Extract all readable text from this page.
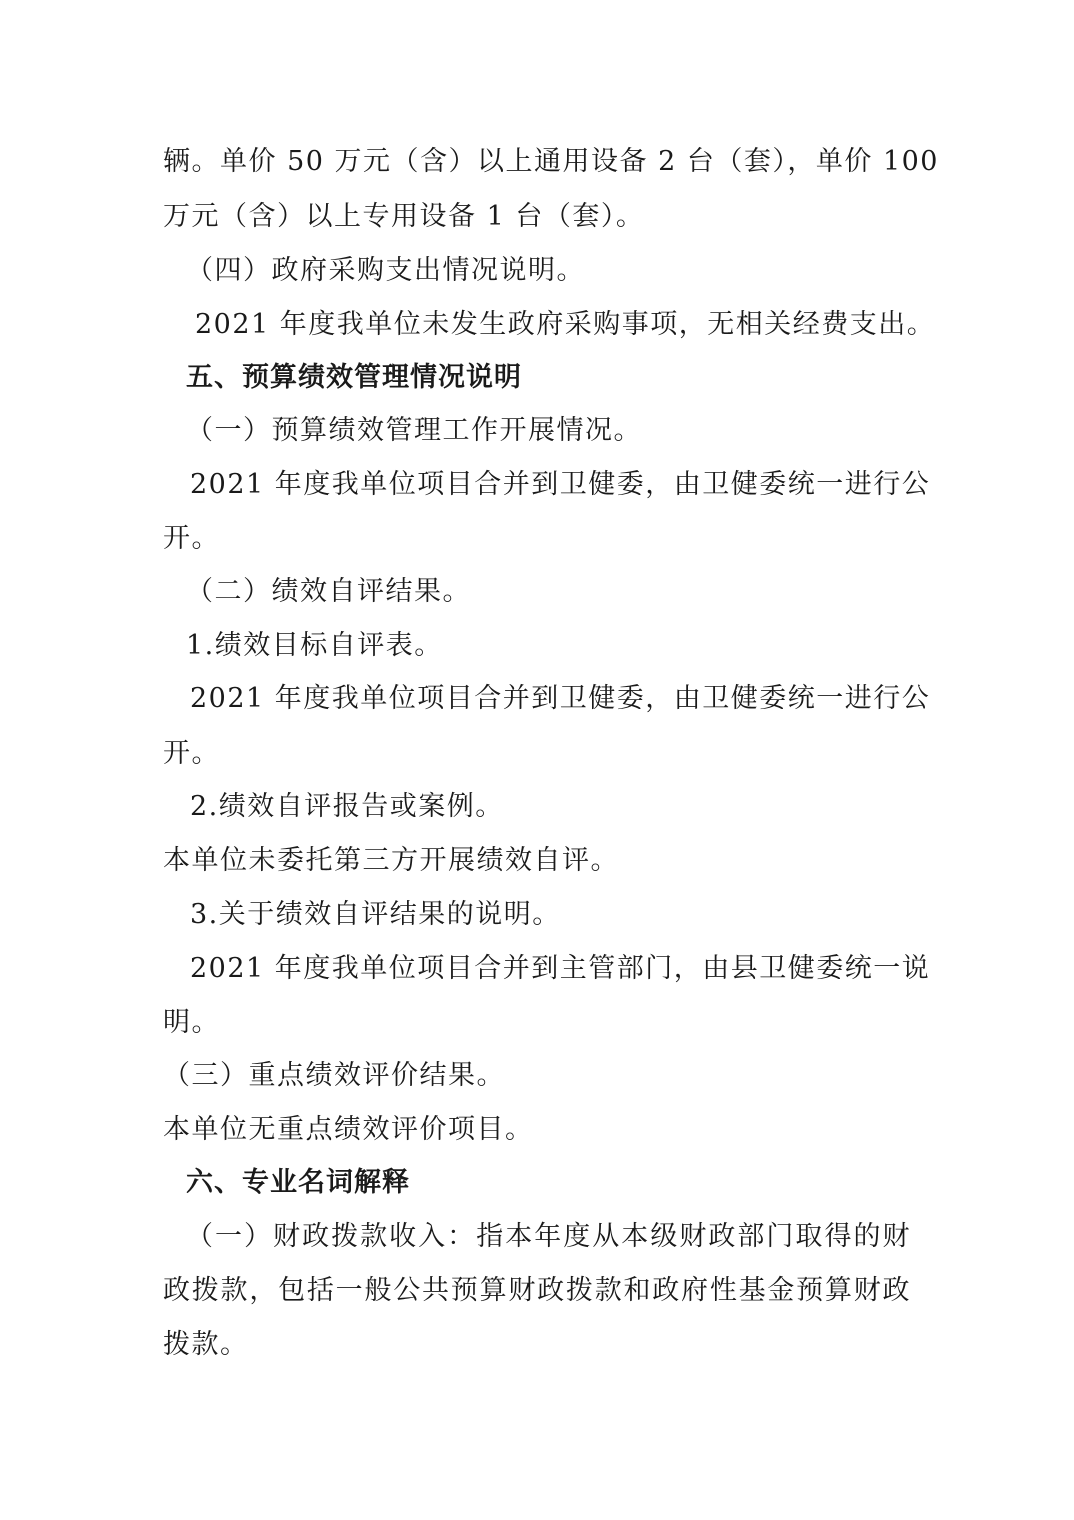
辆。单价 50 万元（含）以上通用设备 2 台（套），单价 100
万元（含）以上专用设备 1 台（套）。
（四）政府采购支出情况说明。
2021 年度我单位未发生政府采购事项，无相关经费支出。
五、预算绩效管理情况说明
（一）预算绩效管理工作开展情况。
2021 年度我单位项目合并到卫健委，由卫健委统一进行公
开。
（二）绩效自评结果。
1.绩效目标自评表。
2021 年度我单位项目合并到卫健委，由卫健委统一进行公
开。
2.绩效自评报告或案例。
本单位未委托第三方开展绩效自评。
3.关于绩效自评结果的说明。
2021 年度我单位项目合并到主管部门，由县卫健委统一说
明。
（三）重点绩效评价结果。
本单位无重点绩效评价项目。
六、专业名词解释
（一）财政拨款收入：指本年度从本级财政部门取得的财
政拨款，包括一般公共预算财政拨款和政府性基金预算财政
拨款。
